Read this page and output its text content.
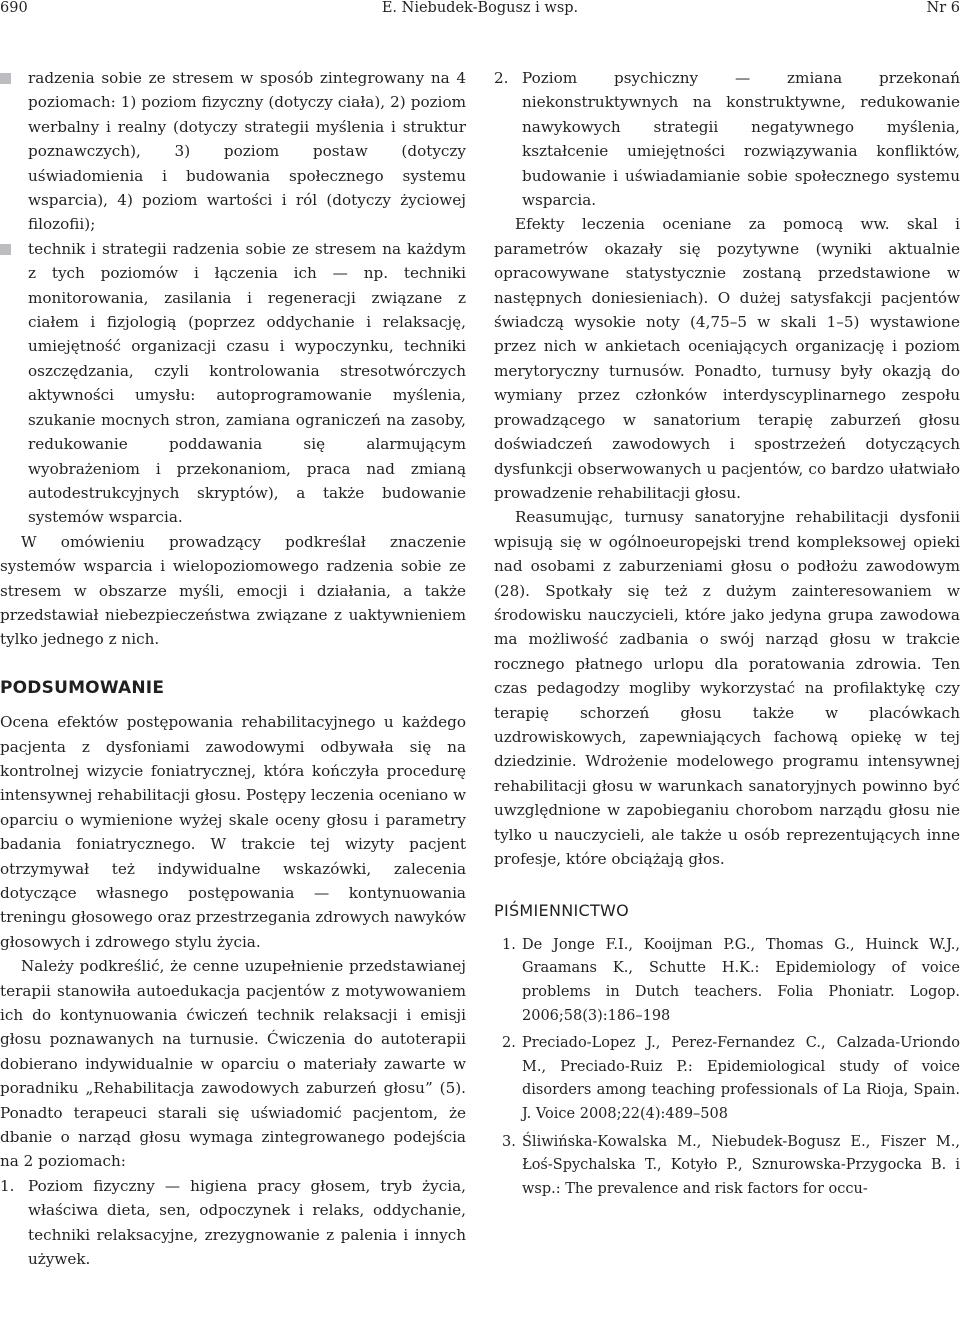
690	E. Niebudek-Bogusz i wsp.	Nr 6
radzenia sobie ze stresem w sposób zintegrowany na 4 poziomach: 1) poziom fizyczny (dotyczy ciała), 2) poziom werbalny i realny (dotyczy strategii myślenia i struktur poznawczych), 3) poziom postaw (dotyczy uświadomienia i budowania społecznego systemu wsparcia), 4) poziom wartości i ról (dotyczy życiowej filozofii);
technik i strategii radzenia sobie ze stresem na każdym z tych poziomów i łączenia ich — np. techniki monitorowania, zasilania i regeneracji związane z ciałem i fizjologią (poprzez oddychanie i relaksację, umiejętność organizacji czasu i wypoczynku, techniki oszczędzania, czyli kontrolowania stresotwórczych aktywności umysłu: autoprogramowanie myślenia, szukanie mocnych stron, zamiana ograniczeń na zasoby, redukowanie poddawania się alarmującym wyobrażeniom i przekonaniom, praca nad zmianą autodestrukcyjnych skryptów), a także budowanie systemów wsparcia.

W omówieniu prowadzący podkreślał znaczenie systemów wsparcia i wielopoziomowego radzenia sobie ze stresem w obszarze myśli, emocji i działania, a także przedstawiał niebezpieczeństwa związane z uaktywnieniem tylko jednego z nich.

PODSUMOWANIE

Ocena efektów postępowania rehabilitacyjnego u każdego pacjenta z dysfoniami zawodowymi odbywała się na kontrolnej wizycie foniatrycznej, która kończyła procedurę intensywnej rehabilitacji głosu. Postępy leczenia oceniano w oparciu o wymienione wyżej skale oceny głosu i parametry badania foniatrycznego. W trakcie tej wizyty pacjent otrzymywał też indywidualne wskazówki, zalecenia dotyczące własnego postępowania — kontynuowania treningu głosowego oraz przestrzegania zdrowych nawyków głosowych i zdrowego stylu życia.

Należy podkreślić, że cenne uzupełnienie przedstawianej terapii stanowiła autoedukacja pacjentów z motywowaniem ich do kontynuowania ćwiczeń technik relaksacji i emisji głosu poznawanych na turnusie. Ćwiczenia do autoterapii dobierano indywidualnie w oparciu o materiały zawarte w poradniku „Rehabilitacja zawodowych zaburzeń głosu” (5). Ponadto terapeuci starali się uświadomić pacjentom, że dbanie o narząd głosu wymaga zintegrowanego podejścia na 2 poziomach:

1. Poziom fizyczny — higiena pracy głosem, tryb życia, właściwa dieta, sen, odpoczynek i relaks, oddychanie, techniki relaksacyjne, zrezygnowanie z palenia i innych używek.
2. Poziom psychiczny — zmiana przekonań niekonstruktywnych na konstruktywne, redukowanie nawykowych strategii negatywnego myślenia, kształcenie umiejętności rozwiązywania konfliktów, budowanie i uświadamianie sobie społecznego systemu wsparcia.

Efekty leczenia oceniane za pomocą ww. skal i parametrów okazały się pozytywne (wyniki aktualnie opracowywane statystycznie zostaną przedstawione w następnych doniesieniach). O dużej satysfakcji pacjentów świadczą wysokie noty (4,75–5 w skali 1–5) wystawione przez nich w ankietach oceniających organizację i poziom merytoryczny turnusów. Ponadto, turnusy były okazją do wymiany przez członków interdyscyplinarnego zespołu prowadzącego w sanatorium terapię zaburzeń głosu doświadczeń zawodowych i spostrzeżeń dotyczących dysfunkcji obserwowanych u pacjentów, co bardzo ułatwiało prowadzenie rehabilitacji głosu.

Reasumując, turnusy sanatoryjne rehabilitacji dysfonii wpisują się w ogólnoeuropejski trend kompleksowej opieki nad osobami z zaburzeniami głosu o podłożu zawodowym (28). Spotkały się też z dużym zainteresowaniem w środowisku nauczycieli, które jako jedyna grupa zawodowa ma możliwość zadbania o swój narząd głosu w trakcie rocznego płatnego urlopu dla poratowania zdrowia. Ten czas pedagodzy mogliby wykorzystać na profilaktykę czy terapię schorzeń głosu także w placówkach uzdrowiskowych, zapewniających fachową opiekę w tej dziedzinie. Wdrożenie modelowego programu intensywnej rehabilitacji głosu w warunkach sanatoryjnych powinno być uwzględnione w zapobieganiu chorobom narządu głosu nie tylko u nauczycieli, ale także u osób reprezentujących inne profesje, które obciążają głos.

PIŚMIENNICTWO
1. De Jonge F.I., Kooijman P.G., Thomas G., Huinck W.J., Graamans K., Schutte H.K.: Epidemiology of voice problems in Dutch teachers. Folia Phoniatr. Logop. 2006;58(3):186–198
2. Preciado-Lopez J., Perez-Fernandez C., Calzada-Uriondo M., Preciado-Ruiz P.: Epidemiological study of voice disorders among teaching professionals of La Rioja, Spain. J. Voice 2008;22(4):489–508
3. Śliwińska-Kowalska M., Niebudek-Bogusz E., Fiszer M., Łoś-Spychalska T., Kotyło P., Sznurowska-Przygocka B. i wsp.: The prevalence and risk factors for occu-
